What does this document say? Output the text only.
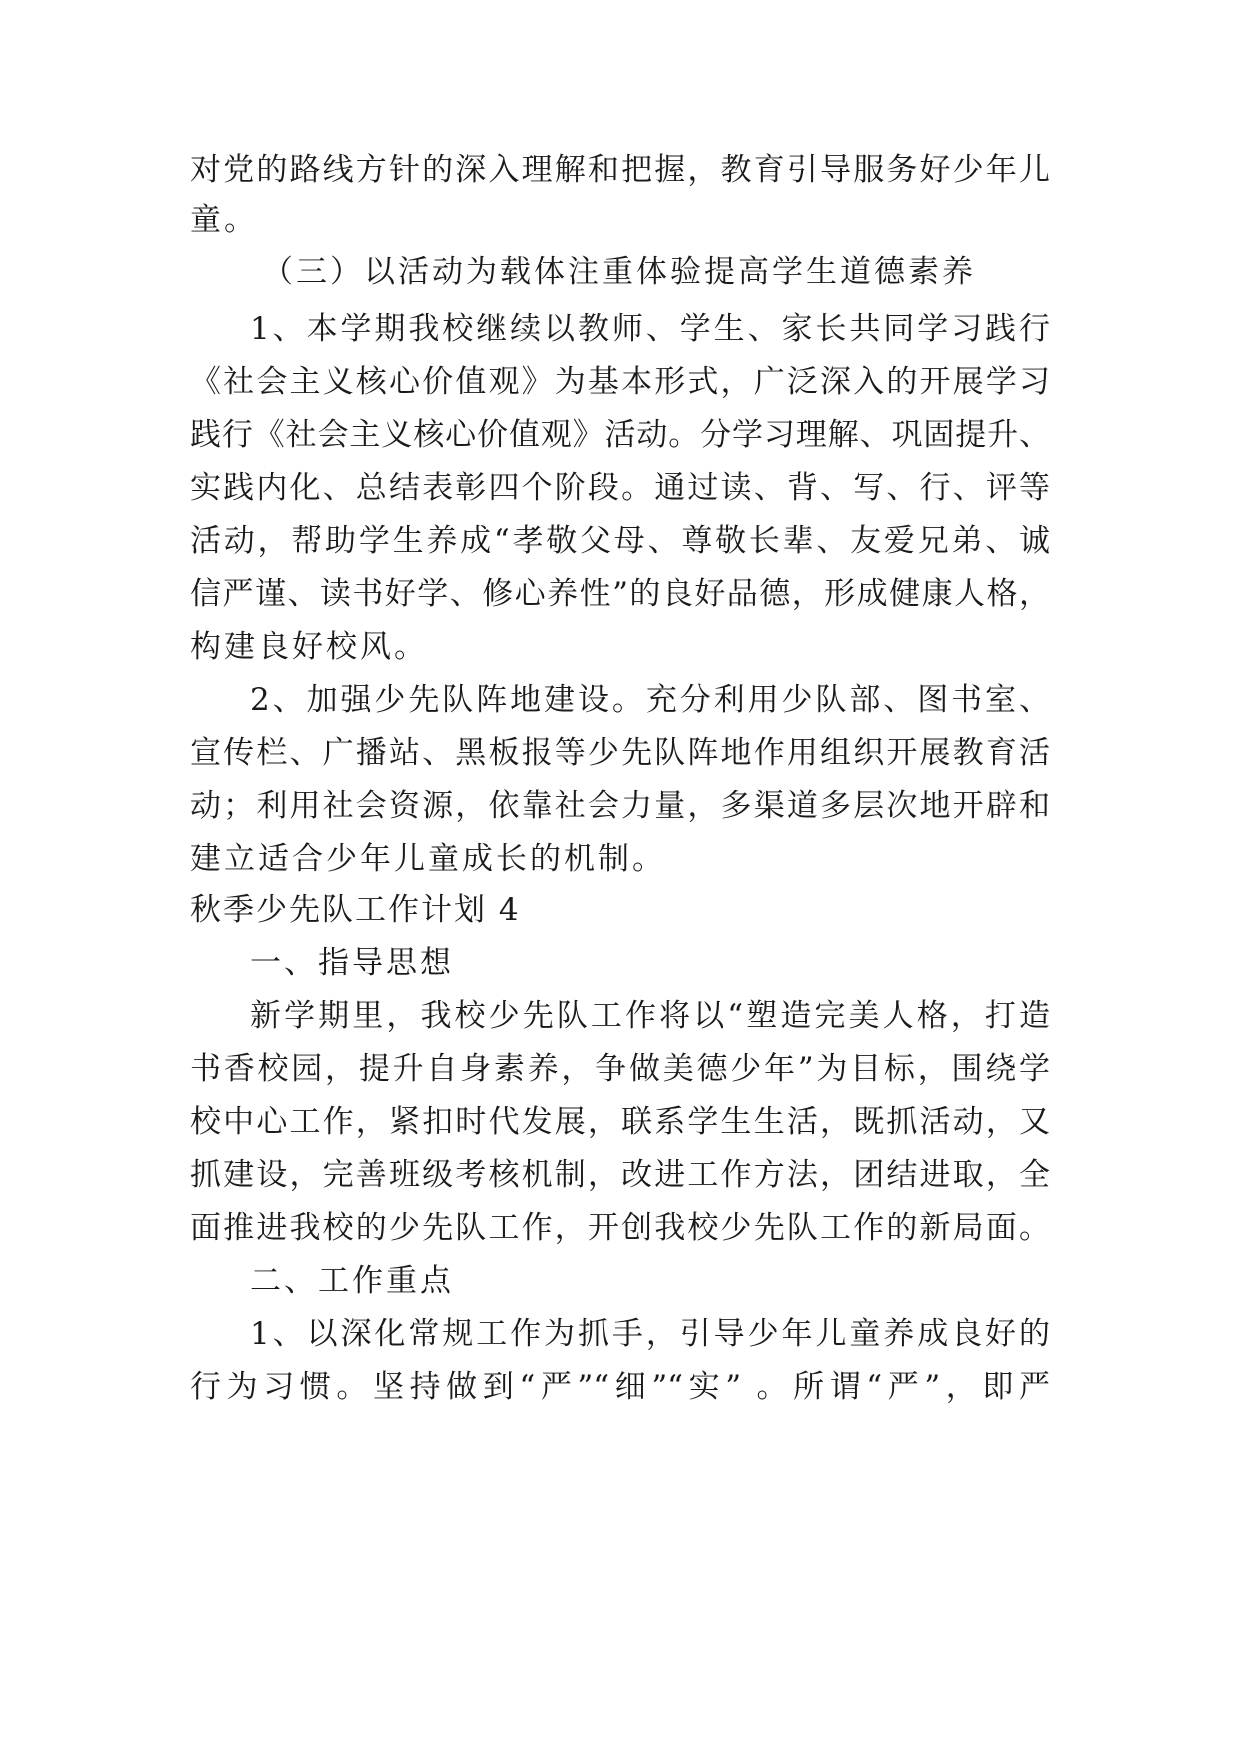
对党的路线方针的深入理解和把握，教育引导服务好少年儿
童。
（三）以活动为载体注重体验提高学生道德素养
1、本学期我校继续以教师、学生、家长共同学习践行
《社会主义核心价值观》为基本形式，广泛深入的开展学习
践行《社会主义核心价值观》活动。分学习理解、巩固提升、
实践内化、总结表彰四个阶段。通过读、背、写、行、评等
活动，帮助学生养成“孝敬父母、尊敬长辈、友爱兄弟、诚
信严谨、读书好学、修心养性”的良好品德，形成健康人格，
构建良好校风。
2、加强少先队阵地建设。充分利用少队部、图书室、
宣传栏、广播站、黑板报等少先队阵地作用组织开展教育活
动；利用社会资源，依靠社会力量，多渠道多层次地开辟和
建立适合少年儿童成长的机制。
秋季少先队工作计划 4
一、指导思想
新学期里，我校少先队工作将以“塑造完美人格，打造
书香校园，提升自身素养，争做美德少年”为目标，围绕学
校中心工作，紧扣时代发展，联系学生生活，既抓活动，又
抓建设，完善班级考核机制，改进工作方法，团结进取，全
面推进我校的少先队工作，开创我校少先队工作的新局面。
二、工作重点
1、以深化常规工作为抓手，引导少年儿童养成良好的
行为习惯。坚持做到“严”“细”“实” 。所谓“严”，即严
